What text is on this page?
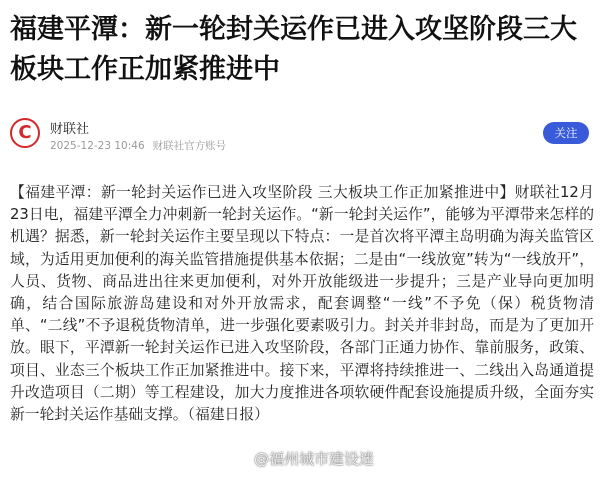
福建平潭：新一轮封关运作已进入攻坚阶段三大板块工作正加紧推进中
C 财联社
2025-12-23 10:46 财联社官方账号
关注

【福建平潭：新一轮封关运作已进入攻坚阶段 三大板块工作正加紧推进中】财联社12月23日电，福建平潭全力冲刺新一轮封关运作。“新一轮封关运作”，能够为平潭带来怎样的机遇？据悉，新一轮封关运作主要呈现以下特点：一是首次将平潭主岛明确为海关监管区域，为适用更加便利的海关监管措施提供基本依据；二是由“一线放宽”转为“一线放开”，人员、货物、商品进出往来更加便利，对外开放能级进一步提升；三是产业导向更加明确，结合国际旅游岛建设和对外开放需求，配套调整“一线”不予免（保）税货物清单、“二线”不予退税货物清单，进一步强化要素吸引力。封关并非封岛，而是为了更加开放。眼下，平潭新一轮封关运作已进入攻坚阶段，各部门正通力协作、靠前服务，政策、项目、业态三个板块工作正加紧推进中。接下来，平潭将持续推进一、二线出入岛通道提升改造项目（二期）等工程建设，加大力度推进各项软硬件配套设施提质升级，全面夯实新一轮封关运作基础支撑。（福建日报）

@福州城市建设迷
